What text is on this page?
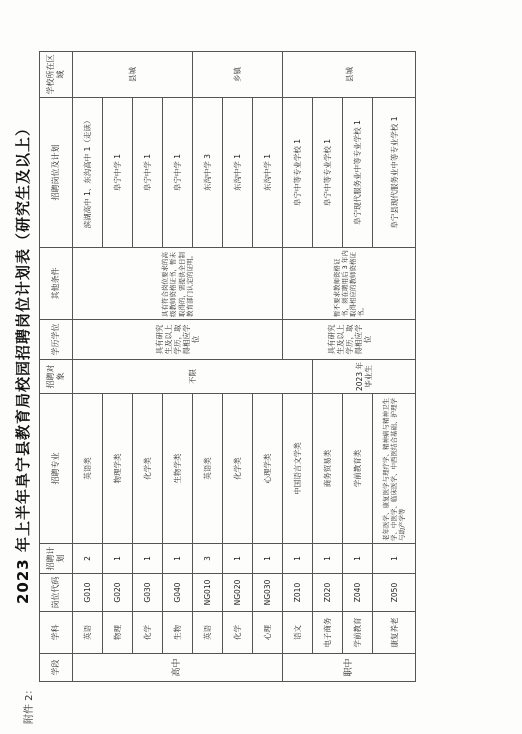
附件 2：
2023 年上半年阜宁县教育局校园招聘岗位计划表（研究生及以上）
学段	学科	岗位代码	招聘计划	招聘专业	招聘对象	学历学位	其他条件	招聘岗位及计划	学校所在区域
高中	英语	G010	2	英语类	不限	具有研究生及以上学历，取得相应学位	具有符合岗位要求的高级教师资格证书，暂未取得的，需提供全日制教育部门认定的证明。	滨湖高中 1、东沟高中 1（走读）	县城
	物理	G020	1	物理学类				阜宁中学 1	
	化学	G030	1	化学类				阜宁中学 1	
	生物	G040	1	生物学类				阜宁中学 1	
	英语	NG010	3	英语类				东沟中学 3	乡镇
	化学	NG020	1	化学类				东沟中学 1	
	心理	NG030	1	心理学类				东沟中学 1	
职中	语文	Z010	1	中国语言文学类		具有研究生及以上学历，取得相应学位	暂不要求教师资格证书，须在聘用后 3 年内取得相应的教师资格证书。	阜宁中等专业学校 1	县城
	电子商务	Z020	1	商务贸易类	2023 年毕业生			阜宁中等专业学校 1	
	学前教育	Z040	1	学前教育类				阜宁现代服务业中等专业学校 1	
	康复养老	Z050	1	老年医学、康复医学与理疗学、精神病与精神卫生学、中医学、临床医学、中西医结合基础、护理学与助产学等				阜宁县现代服务业中等专业学校 1	
